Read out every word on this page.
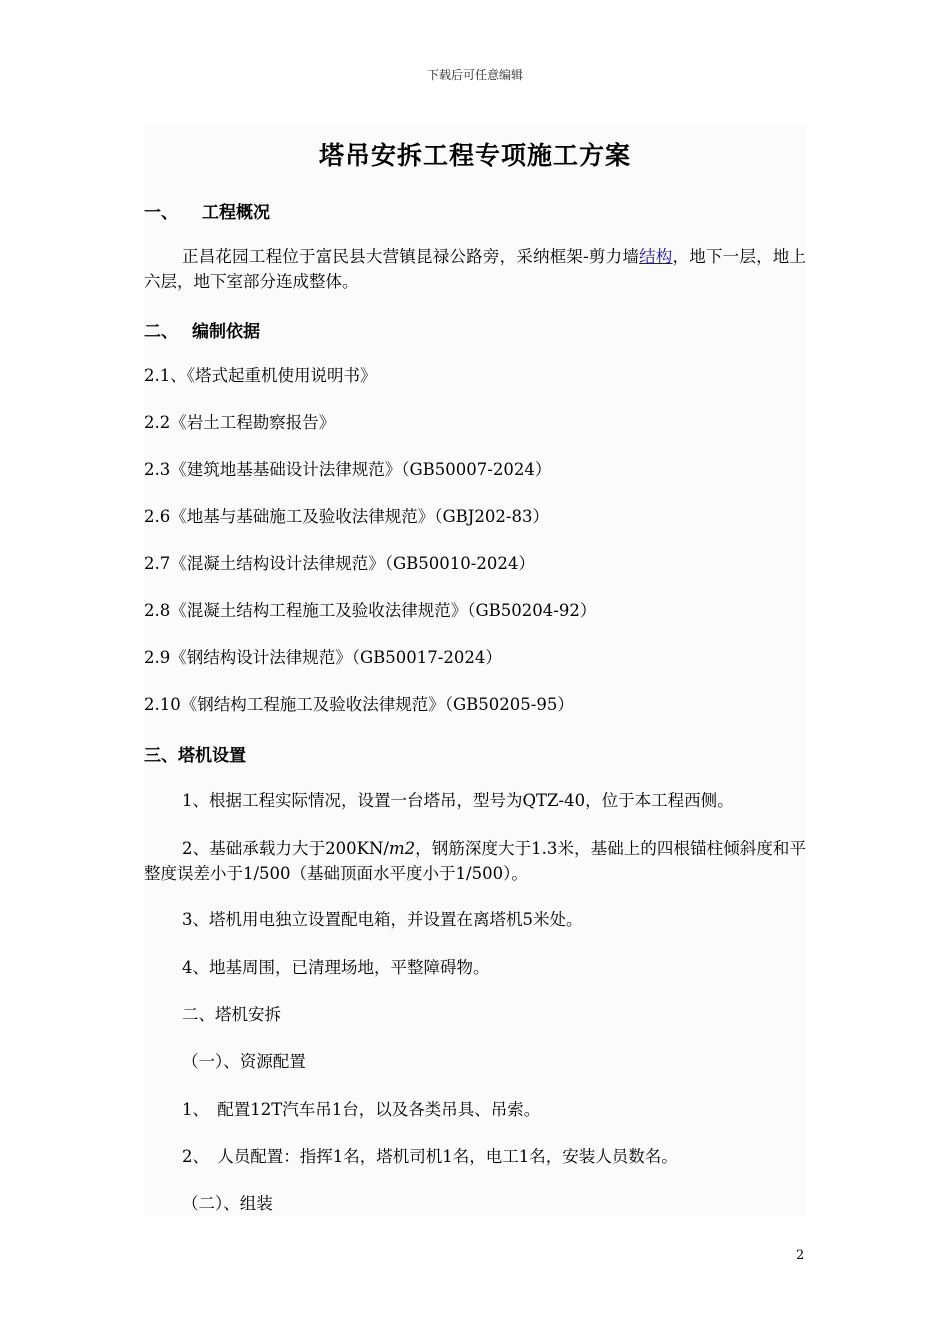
下载后可任意编辑
塔吊安拆工程专项施工方案
一、 工程概况
正昌花园工程位于富民县大营镇昆禄公路旁，采纳框架-剪力墙结构，地下一层，地上六层，地下室部分连成整体。
二、 编制依据
2.1、《塔式起重机使用说明书》
2.2《岩土工程勘察报告》
2.3《建筑地基基础设计法律规范》（GB50007-2024）
2.6《地基与基础施工及验收法律规范》（GBJ202-83）
2.7《混凝土结构设计法律规范》（GB50010-2024）
2.8《混凝土结构工程施工及验收法律规范》（GB50204-92）
2.9《钢结构设计法律规范》（GB50017-2024）
2.10《钢结构工程施工及验收法律规范》（GB50205-95）
三、塔机设置
1、根据工程实际情况，设置一台塔吊，型号为QTZ-40，位于本工程西侧。
2、基础承载力大于200KN/m2，钢筋深度大于1.3米，基础上的四根锚柱倾斜度和平整度误差小于1/500（基础顶面水平度小于1/500）。
3、塔机用电独立设置配电箱，并设置在离塔机5米处。
4、地基周围，已清理场地，平整障碍物。
二、塔机安拆
（一）、资源配置
1、　配置12T汽车吊1台，以及各类吊具、吊索。
2、　人员配置：指挥1名，塔机司机1名，电工1名，安装人员数名。
（二）、组装
2
